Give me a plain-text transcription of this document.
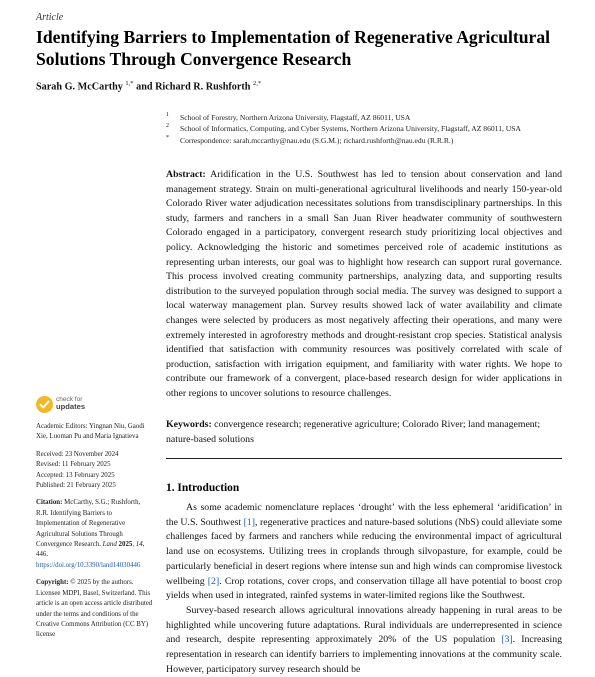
Article
Identifying Barriers to Implementation of Regenerative Agricultural Solutions Through Convergence Research
Sarah G. McCarthy $^{1,*}$ and Richard R. Rushforth $^{2,*}$
1 School of Forestry, Northern Arizona University, Flagstaff, AZ 86011, USA
2 School of Informatics, Computing, and Cyber Systems, Northern Arizona University, Flagstaff, AZ 86011, USA
* Correspondence: sarah.mccarthy@nau.edu (S.G.M.); richard.rushforth@nau.edu (R.R.R.)
Abstract: Aridification in the U.S. Southwest has led to tension about conservation and land management strategy. Strain on multi-generational agricultural livelihoods and nearly 150-year-old Colorado River water adjudication necessitates solutions from transdisciplinary partnerships. In this study, farmers and ranchers in a small San Juan River headwater community of southwestern Colorado engaged in a participatory, convergent research study prioritizing local objectives and policy. Acknowledging the historic and sometimes perceived role of academic institutions as representing urban interests, our goal was to highlight how research can support rural governance. This process involved creating community partnerships, analyzing data, and supporting results distribution to the surveyed population through social media. The survey was designed to support a local waterway management plan. Survey results showed lack of water availability and climate changes were selected by producers as most negatively affecting their operations, and many were extremely interested in agroforestry methods and drought-resistant crop species. Statistical analysis identified that satisfaction with community resources was positively correlated with scale of production, satisfaction with irrigation equipment, and familiarity with water rights. We hope to contribute our framework of a convergent, place-based research design for wider applications in other regions to uncover solutions to resource challenges.
Keywords: convergence research; regenerative agriculture; Colorado River; land management; nature-based solutions
1. Introduction

As some academic nomenclature replaces ‘drought’ with the less ephemeral ‘aridification’ in the U.S. Southwest [1], regenerative practices and nature-based solutions (NbS) could alleviate some challenges faced by farmers and ranchers while reducing the environmental impact of agricultural land use on ecosystems. Utilizing trees in croplands through silvopasture, for example, could be particularly beneficial in desert regions where intense sun and high winds can compromise livestock wellbeing [2]. Crop rotations, cover crops, and conservation tillage all have potential to boost crop yields when used in integrated, rainfed systems in water-limited regions like the Southwest.

Survey-based research allows agricultural innovations already happening in rural areas to be highlighted while uncovering future adaptations. Rural individuals are underrepresented in science and research, despite representing approximately 20% of the US population [3]. Increasing representation in research can identify barriers to implementing innovations at the community scale. However, participatory survey research should be

check for
updates
Academic Editors: Yingnan Niu, Gaodi Xie, Luoman Pu and Maria Ignatieva
Received: 23 November 2024
Revised: 11 February 2025
Accepted: 13 February 2025
Published: 21 February 2025
Citation: McCarthy, S.G.; Rushforth, R.R. Identifying Barriers to Implementation of Regenerative Agricultural Solutions Through Convergence Research. Land 2025, 14, 446. https://doi.org/10.3390/land14030446
Copyright: © 2025 by the authors. Licensee MDPI, Basel, Switzerland. This article is an open access article distributed under the terms and conditions of the Creative Commons Attribution (CC BY) license
